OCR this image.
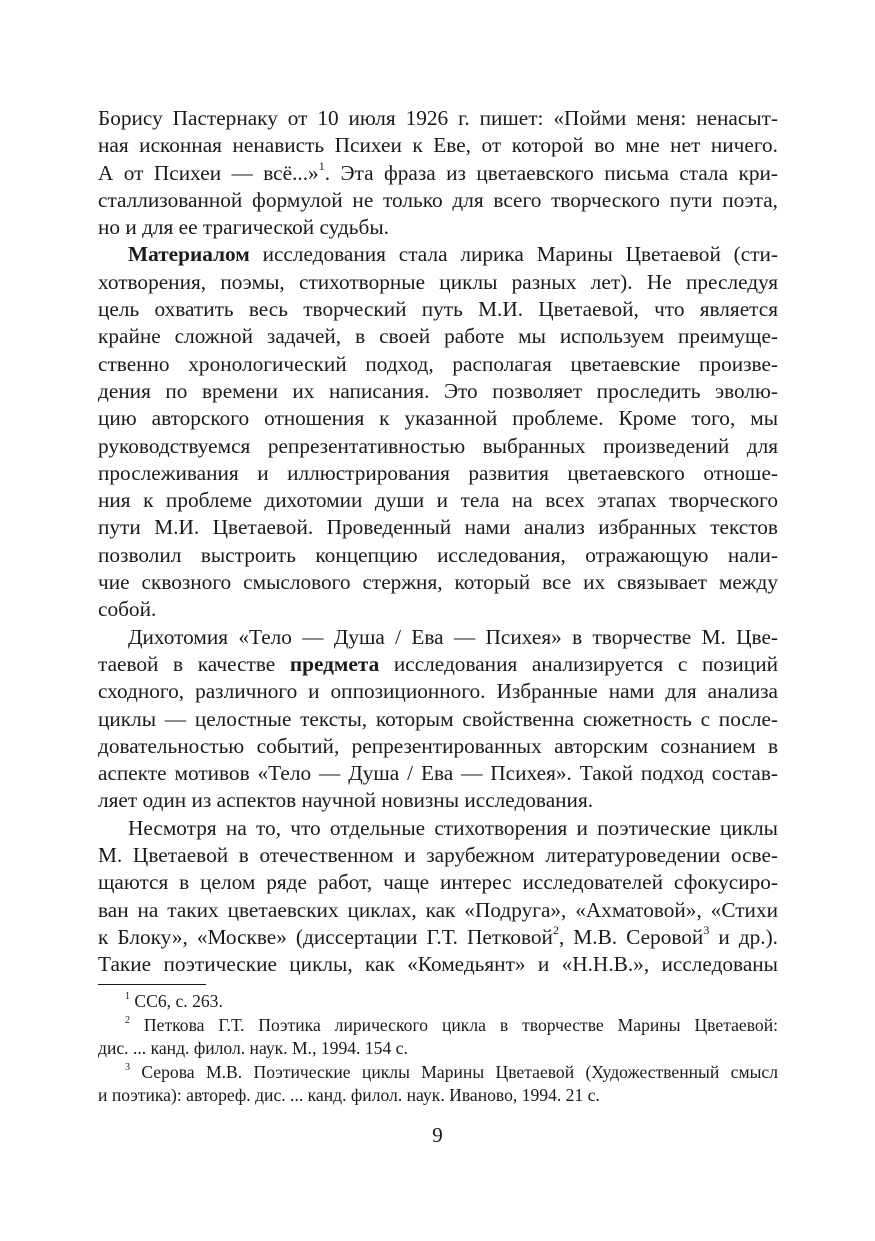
Борису Пастернаку от 10 июля 1926 г. пишет: «Пойми меня: ненасыт-
ная исконная ненависть Психеи к Еве, от которой во мне нет ничего.
А от Психеи — всё...»$^1$. Эта фраза из цветаевского письма стала кри-
сталлизованной формулой не только для всего творческого пути поэта,
но и для ее трагической судьбы.
Материалом исследования стала лирика Марины Цветаевой (сти-
хотворения, поэмы, стихотворные циклы разных лет). Не преследуя
цель охватить весь творческий путь М.И. Цветаевой, что является
крайне сложной задачей, в своей работе мы используем преимуще-
ственно хронологический подход, располагая цветаевские произве-
дения по времени их написания. Это позволяет проследить эволю-
цию авторского отношения к указанной проблеме. Кроме того, мы
руководствуемся репрезентативностью выбранных произведений для
прослеживания и иллюстрирования развития цветаевского отноше-
ния к проблеме дихотомии души и тела на всех этапах творческого
пути М.И. Цветаевой. Проведенный нами анализ избранных текстов
позволил выстроить концепцию исследования, отражающую нали-
чие сквозного смыслового стержня, который все их связывает между
собой.
Дихотомия «Тело — Душа / Ева — Психея» в творчестве М. Цве-
таевой в качестве предмета исследования анализируется с позиций
сходного, различного и оппозиционного. Избранные нами для анализа
циклы — целостные тексты, которым свойственна сюжетность с после-
довательностью событий, репрезентированных авторским сознанием в
аспекте мотивов «Тело — Душа / Ева — Психея». Такой подход состав-
ляет один из аспектов научной новизны исследования.
Несмотря на то, что отдельные стихотворения и поэтические циклы
М. Цветаевой в отечественном и зарубежном литературоведении осве-
щаются в целом ряде работ, чаще интерес исследователей сфокусиро-
ван на таких цветаевских циклах, как «Подруга», «Ахматовой», «Стихи
к Блоку», «Москве» (диссертации Г.Т. Петковой$^2$, М.В. Серовой$^3$ и др.).
Такие поэтические циклы, как «Комедьянт» и «Н.Н.В.», исследованы
$^1$ СС6, с. 263.
$^2$ Петкова Г.Т. Поэтика лирического цикла в творчестве Марины Цветаевой:
дис. ... канд. филол. наук. М., 1994. 154 с.
$^3$ Серова М.В. Поэтические циклы Марины Цветаевой (Художественный смысл
и поэтика): автореф. дис. ... канд. филол. наук. Иваново, 1994. 21 с.
9
